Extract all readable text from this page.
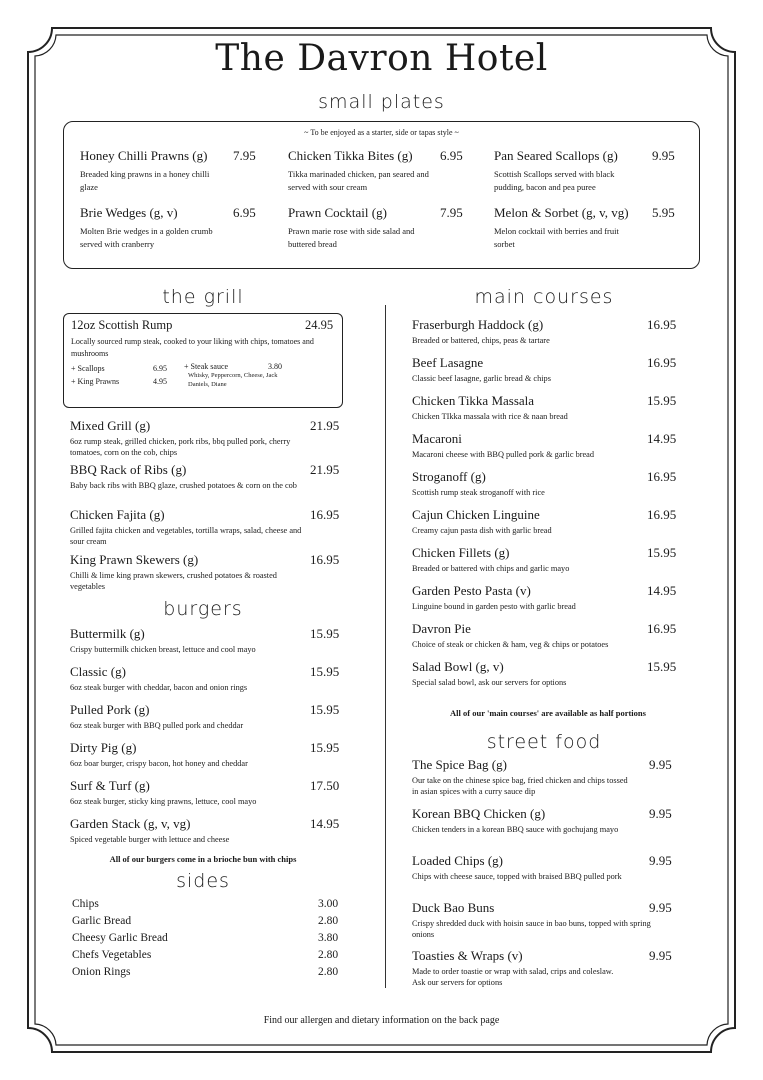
The Davron Hotel
small plates
~ To be enjoyed as a starter, side or tapas style ~
Honey Chilli Prawns (g)	7.95
Breaded king prawns in a honey chilli glaze
Chicken Tikka Bites (g)	6.95
Tikka marinaded chicken, pan seared and served with sour cream
Pan Seared Scallops (g)	9.95
Scottish Scallops served with black pudding, bacon and pea puree
Brie Wedges (g, v)	6.95
Molten Brie wedges in a golden crumb served with cranberry
Prawn Cocktail (g)	7.95
Prawn marie rose with side salad and buttered bread
Melon & Sorbet (g, v, vg)	5.95
Melon cocktail with berries and fruit sorbet
the grill
12oz Scottish Rump	24.95
Locally sourced rump steak, cooked to your liking with chips, tomatoes and mushrooms
+ Scallops	6.95
+ King Prawns	4.95
+ Steak sauce	3.80
Whisky, Peppercorn, Cheese, Jack Daniels, Diane
Mixed Grill (g)	21.95
6oz rump steak, grilled chicken, pork ribs, bbq pulled pork, cherry tomatoes, corn on the cob, chips
BBQ Rack of Ribs (g)	21.95
Baby back ribs with BBQ glaze, crushed potatoes & corn on the cob
Chicken Fajita (g)	16.95
Grilled fajita chicken and vegetables, tortilla wraps, salad, cheese and sour cream
King Prawn Skewers (g)	16.95
Chilli & lime king prawn skewers, crushed potatoes & roasted vegetables
burgers
Buttermilk (g)	15.95
Crispy buttermilk chicken breast, lettuce and cool mayo
Classic (g)	15.95
6oz steak burger with cheddar, bacon and onion rings
Pulled Pork (g)	15.95
6oz steak burger with BBQ pulled pork and cheddar
Dirty Pig (g)	15.95
6oz boar burger, crispy bacon, hot honey and cheddar
Surf & Turf (g)	17.50
6oz steak burger, sticky king prawns, lettuce, cool mayo
Garden Stack (g, v, vg)	14.95
Spiced vegetable burger with lettuce and cheese
All of our burgers come in a brioche bun with chips
sides
Chips	3.00
Garlic Bread	2.80
Cheesy Garlic Bread	3.80
Chefs Vegetables	2.80
Onion Rings	2.80
main courses
Fraserburgh Haddock (g)	16.95
Breaded or battered, chips, peas & tartare
Beef Lasagne	16.95
Classic beef lasagne, garlic bread & chips
Chicken Tikka Massala	15.95
Chicken TIkka massala with rice & naan bread
Macaroni	14.95
Macaroni cheese with BBQ pulled pork & garlic bread
Stroganoff (g)	16.95
Scottish rump steak stroganoff with rice
Cajun Chicken Linguine	16.95
Creamy cajun pasta dish with garlic bread
Chicken Fillets (g)	15.95
Breaded or battered with chips and garlic mayo
Garden Pesto Pasta (v)	14.95
Linguine bound in garden pesto with garlic bread
Davron Pie	16.95
Choice of steak or chicken & ham, veg & chips or potatoes
Salad Bowl (g, v)	15.95
Special salad bowl, ask our servers for options
All of our 'main courses' are available as half portions
street food
The Spice Bag (g)	9.95
Our take on the chinese spice bag, fried chicken and chips tossed in asian spices with a curry sauce dip
Korean BBQ Chicken (g)	9.95
Chicken tenders in a korean BBQ sauce with gochujang mayo
Loaded Chips (g)	9.95
Chips with cheese sauce, topped with braised BBQ pulled pork
Duck Bao Buns	9.95
Crispy shredded duck with hoisin sauce in bao buns, topped with spring onions
Toasties & Wraps (v)	9.95
Made to order toastie or wrap with salad, crips and coleslaw. Ask our servers for options
Find our allergen and dietary information on the back page
